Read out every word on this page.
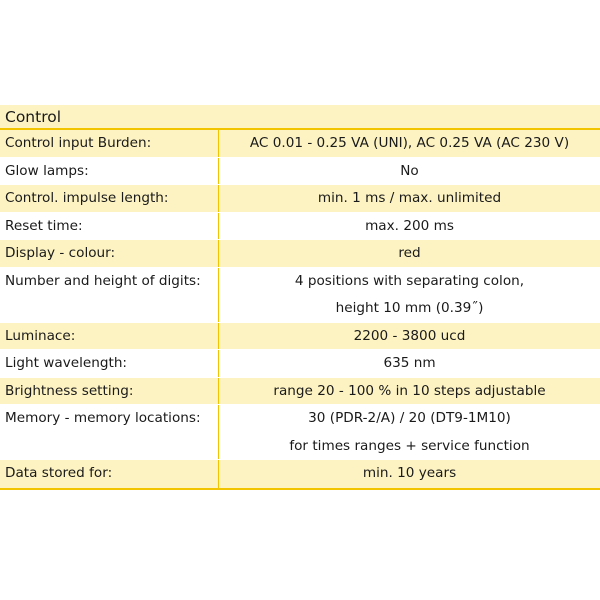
Control
Control input Burden:	AC 0.01 - 0.25 VA (UNI), AC 0.25 VA (AC 230 V)
Glow lamps:	No
Control. impulse length:	min. 1 ms / max. unlimited
Reset time:	max. 200 ms
Display - colour:	red
Number and height of digits:	4 positions with separating colon,
height 10 mm (0.39˝)
Luminace:	2200 - 3800 ucd
Light wavelength:	635 nm
Brightness setting:	range 20 - 100 % in 10 steps adjustable
Memory - memory locations:	30 (PDR-2/A) / 20 (DT9-1M10)
for times ranges + service function
Data stored for:	min. 10 years
